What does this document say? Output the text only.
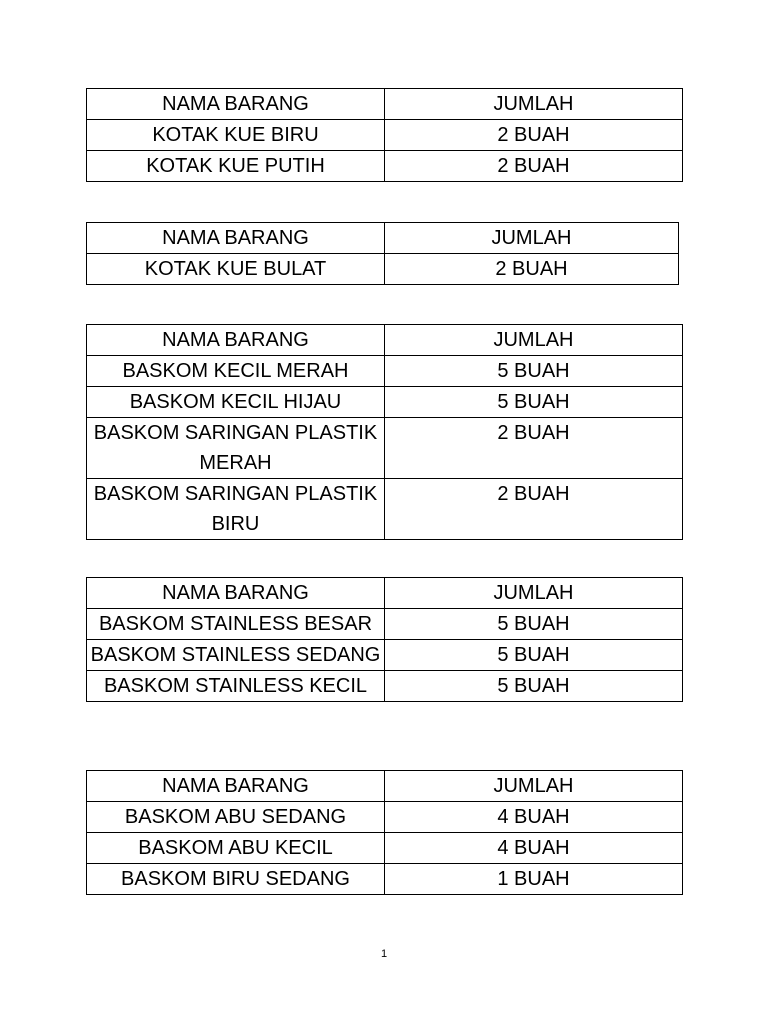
NAMA BARANG	JUMLAH
KOTAK KUE BIRU	2 BUAH
KOTAK KUE PUTIH	2 BUAH
NAMA BARANG	JUMLAH
KOTAK KUE BULAT	2 BUAH
NAMA BARANG	JUMLAH
BASKOM KECIL MERAH	5 BUAH
BASKOM KECIL HIJAU	5 BUAH
BASKOM SARINGAN PLASTIK MERAH	2 BUAH
BASKOM SARINGAN PLASTIK BIRU	2 BUAH
NAMA BARANG	JUMLAH
BASKOM STAINLESS BESAR	5 BUAH
BASKOM STAINLESS SEDANG	5 BUAH
BASKOM STAINLESS KECIL	5 BUAH
NAMA BARANG	JUMLAH
BASKOM ABU SEDANG	4 BUAH
BASKOM ABU KECIL	4 BUAH
BASKOM BIRU SEDANG	1 BUAH
1
